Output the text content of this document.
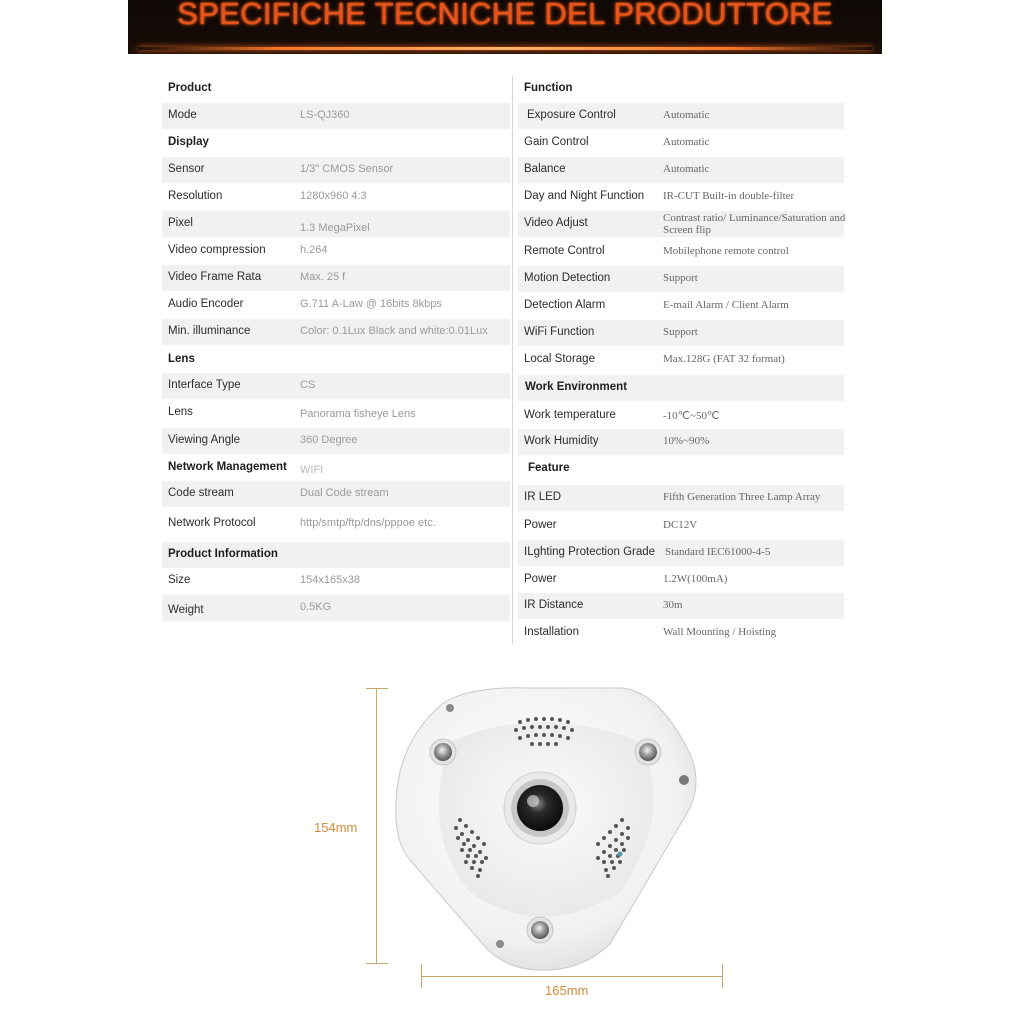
SPECIFICHE TECNICHE DEL PRODUTTORE
Product
Mode	LS-QJ360
Display
Sensor	1/3" CMOS Sensor
Resolution	1280x960 4:3
Pixel	1.3 MegaPixel
Video compression	h.264
Video Frame Rata	Max. 25 f
Audio Encoder	G.711 A-Law @ 16bits 8kbps
Min. illuminance	Color: 0.1Lux Black and white:0.01Lux
Lens
Interface Type	CS
Lens	Panorama fisheye Lens
Viewing Angle	360 Degree
Network Management WIFI
Code stream	Dual Code stream
Network Protocol	http/smtp/ftp/dns/pppoe etc.
Product Information
Size	154x165x38
Weight	0.5KG
Function
Exposure Control	Automatic
Gain Control	Automatic
Balance	Automatic
Day and Night Function IR-CUT Built-in double-filter
Video Adjust	Contrast ratio/ Luminance/Saturation and Screen flip
Remote Control	Mobilephone remote control
Motion Detection	Support
Detection Alarm	E-mail Alarm / Client Alarm
WiFi Function	Support
Local Storage	Max.128G (FAT 32 format)
Work Environment
Work temperature	-10℃~50℃
Work Humidity	10%~90%
Feature
IR LED	Fifth Generation Three Lamp Array
Power	DC12V
ILghting Protection Grade Standard IEC61000-4-5
Power	1.2W(100mA)
IR Distance	30m
Installation	Wall Mounting / Hoisting
154mm
165mm
